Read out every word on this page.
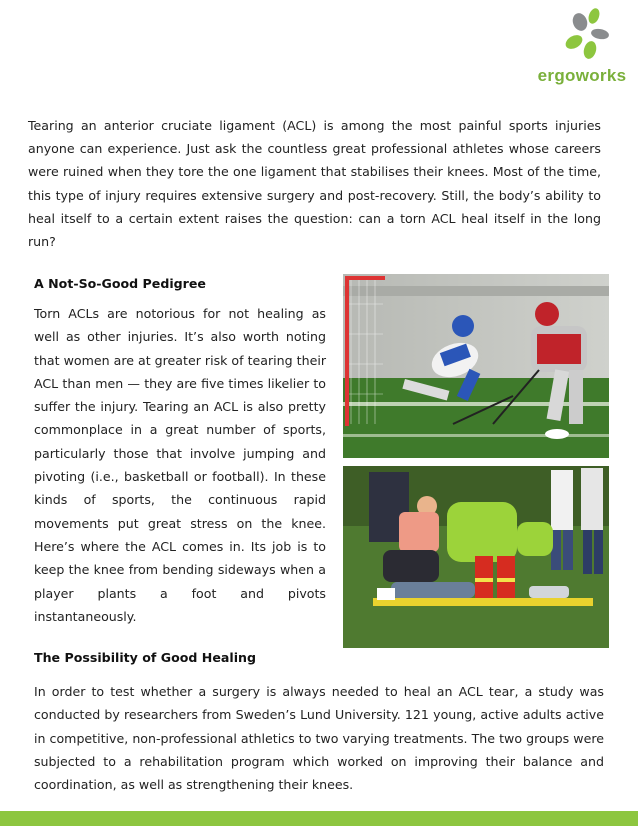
ergoworks

Tearing an anterior cruciate ligament (ACL) is among the most painful sports injuries anyone can experience. Just ask the countless great professional athletes whose careers were ruined when they tore the one ligament that stabilises their knees. Most of the time, this type of injury requires extensive surgery and post-recovery. Still, the body’s ability to heal itself to a certain extent raises the question: can a torn ACL heal itself in the long run?

A Not-So-Good Pedigree

Torn ACLs are notorious for not healing as well as other injuries. It’s also worth noting that women are at greater risk of tearing their ACL than men — they are five times likelier to suffer the injury. Tearing an ACL is also pretty commonplace in a great number of sports, particularly those that involve jumping and pivoting (i.e., basketball or football). In these kinds of sports, the continuous rapid movements put great stress on the knee. Here’s where the ACL comes in. Its job is to keep the knee from bending sideways when a player plants a foot and pivots instantaneously.

The Possibility of Good Healing

In order to test whether a surgery is always needed to heal an ACL tear, a study was conducted by researchers from Sweden’s Lund University. 121 young, active adults active in competitive, non-professional athletics to two varying treatments. The two groups were subjected to a rehabilitation program which worked on improving their balance and coordination, as well as strengthening their knees.
